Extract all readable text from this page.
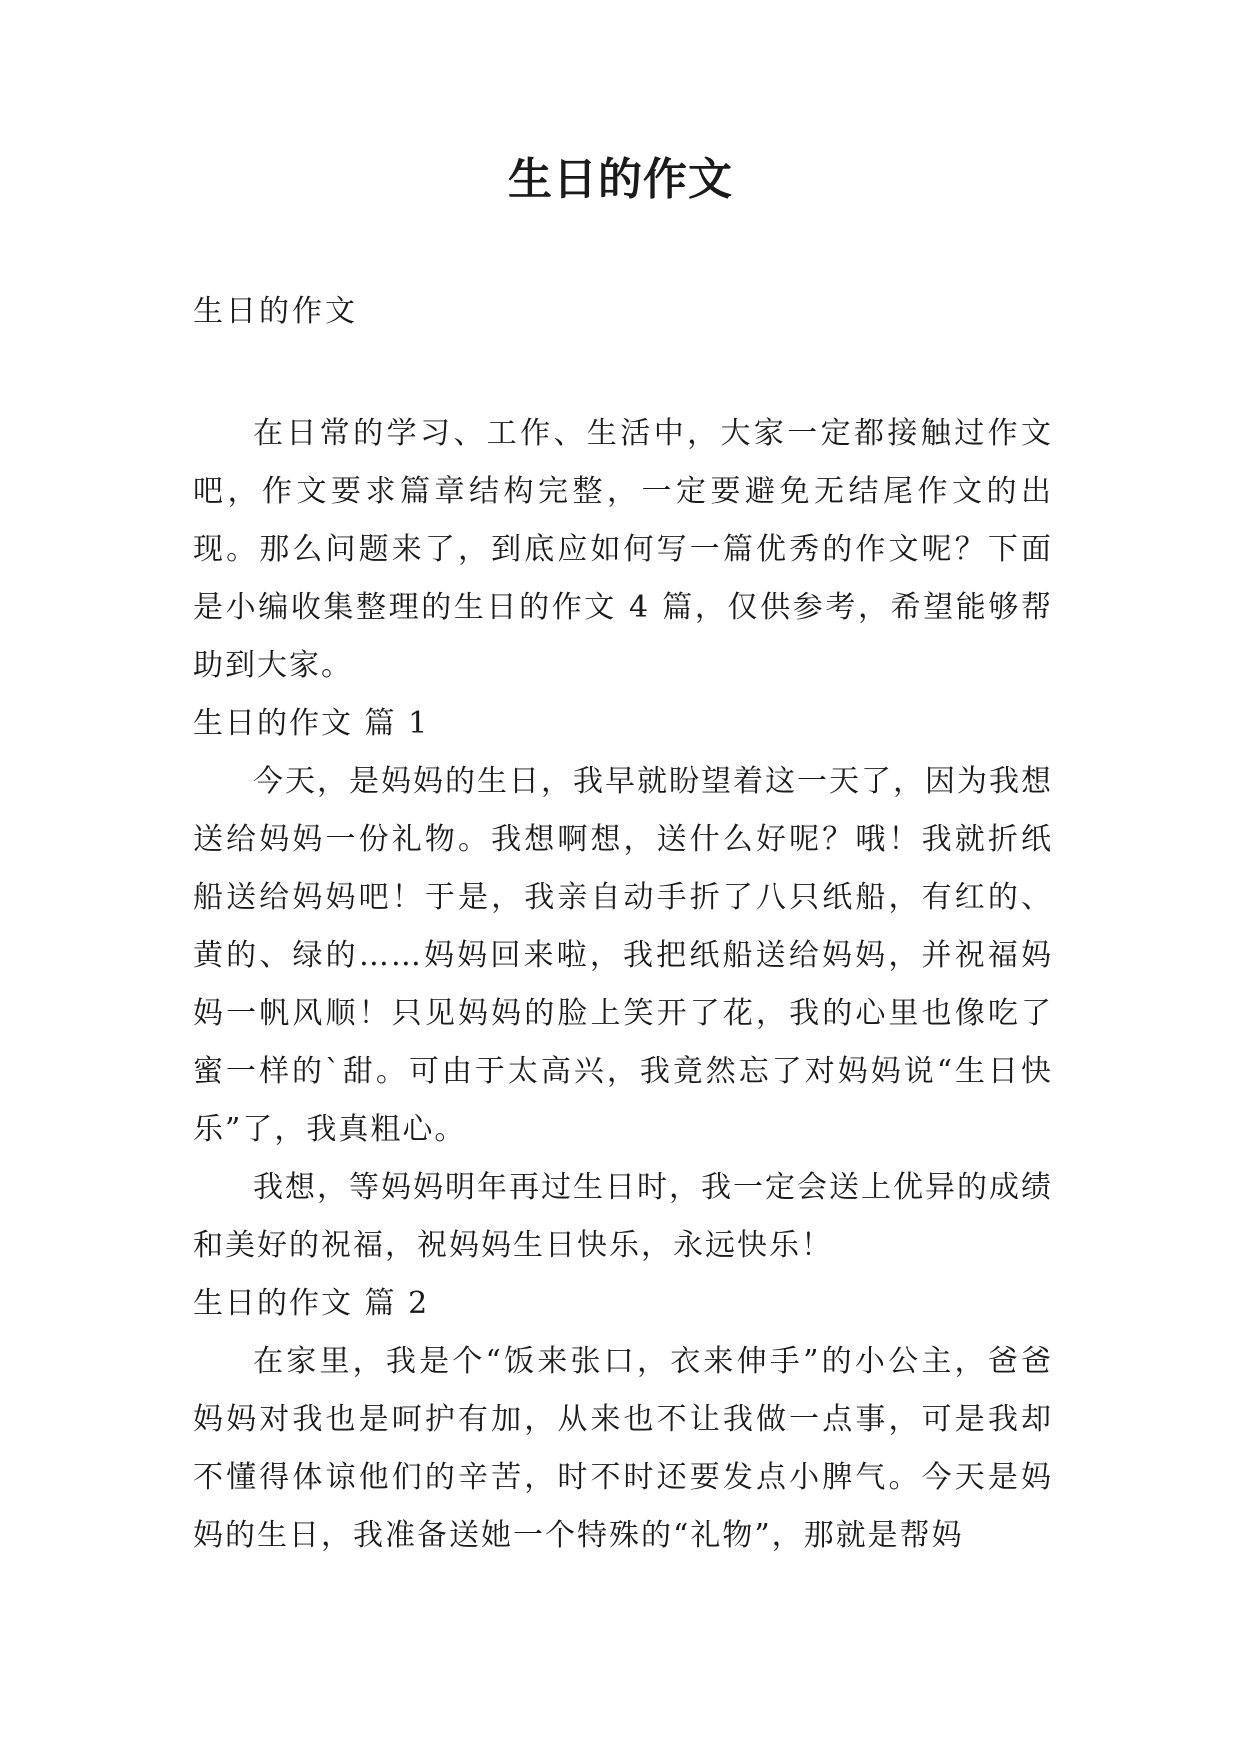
生日的作文

生日的作文

在日常的学习、工作、生活中，大家一定都接触过作文吧，作文要求篇章结构完整，一定要避免无结尾作文的出现。那么问题来了，到底应如何写一篇优秀的作文呢？下面是小编收集整理的生日的作文 4 篇，仅供参考，希望能够帮助到大家。

生日的作文 篇 1

今天，是妈妈的生日，我早就盼望着这一天了，因为我想送给妈妈一份礼物。我想啊想，送什么好呢？哦！我就折纸船送给妈妈吧！于是，我亲自动手折了八只纸船，有红的、黄的、绿的……妈妈回来啦，我把纸船送给妈妈，并祝福妈妈一帆风顺！只见妈妈的脸上笑开了花，我的心里也像吃了蜜一样的`甜。可由于太高兴，我竟然忘了对妈妈说“生日快乐”了，我真粗心。

我想，等妈妈明年再过生日时，我一定会送上优异的成绩和美好的祝福，祝妈妈生日快乐，永远快乐！

生日的作文 篇 2

在家里，我是个“饭来张口，衣来伸手”的小公主，爸爸妈妈对我也是呵护有加，从来也不让我做一点事，可是我却不懂得体谅他们的辛苦，时不时还要发点小脾气。今天是妈妈的生日，我准备送她一个特殊的“礼物”，那就是帮妈
